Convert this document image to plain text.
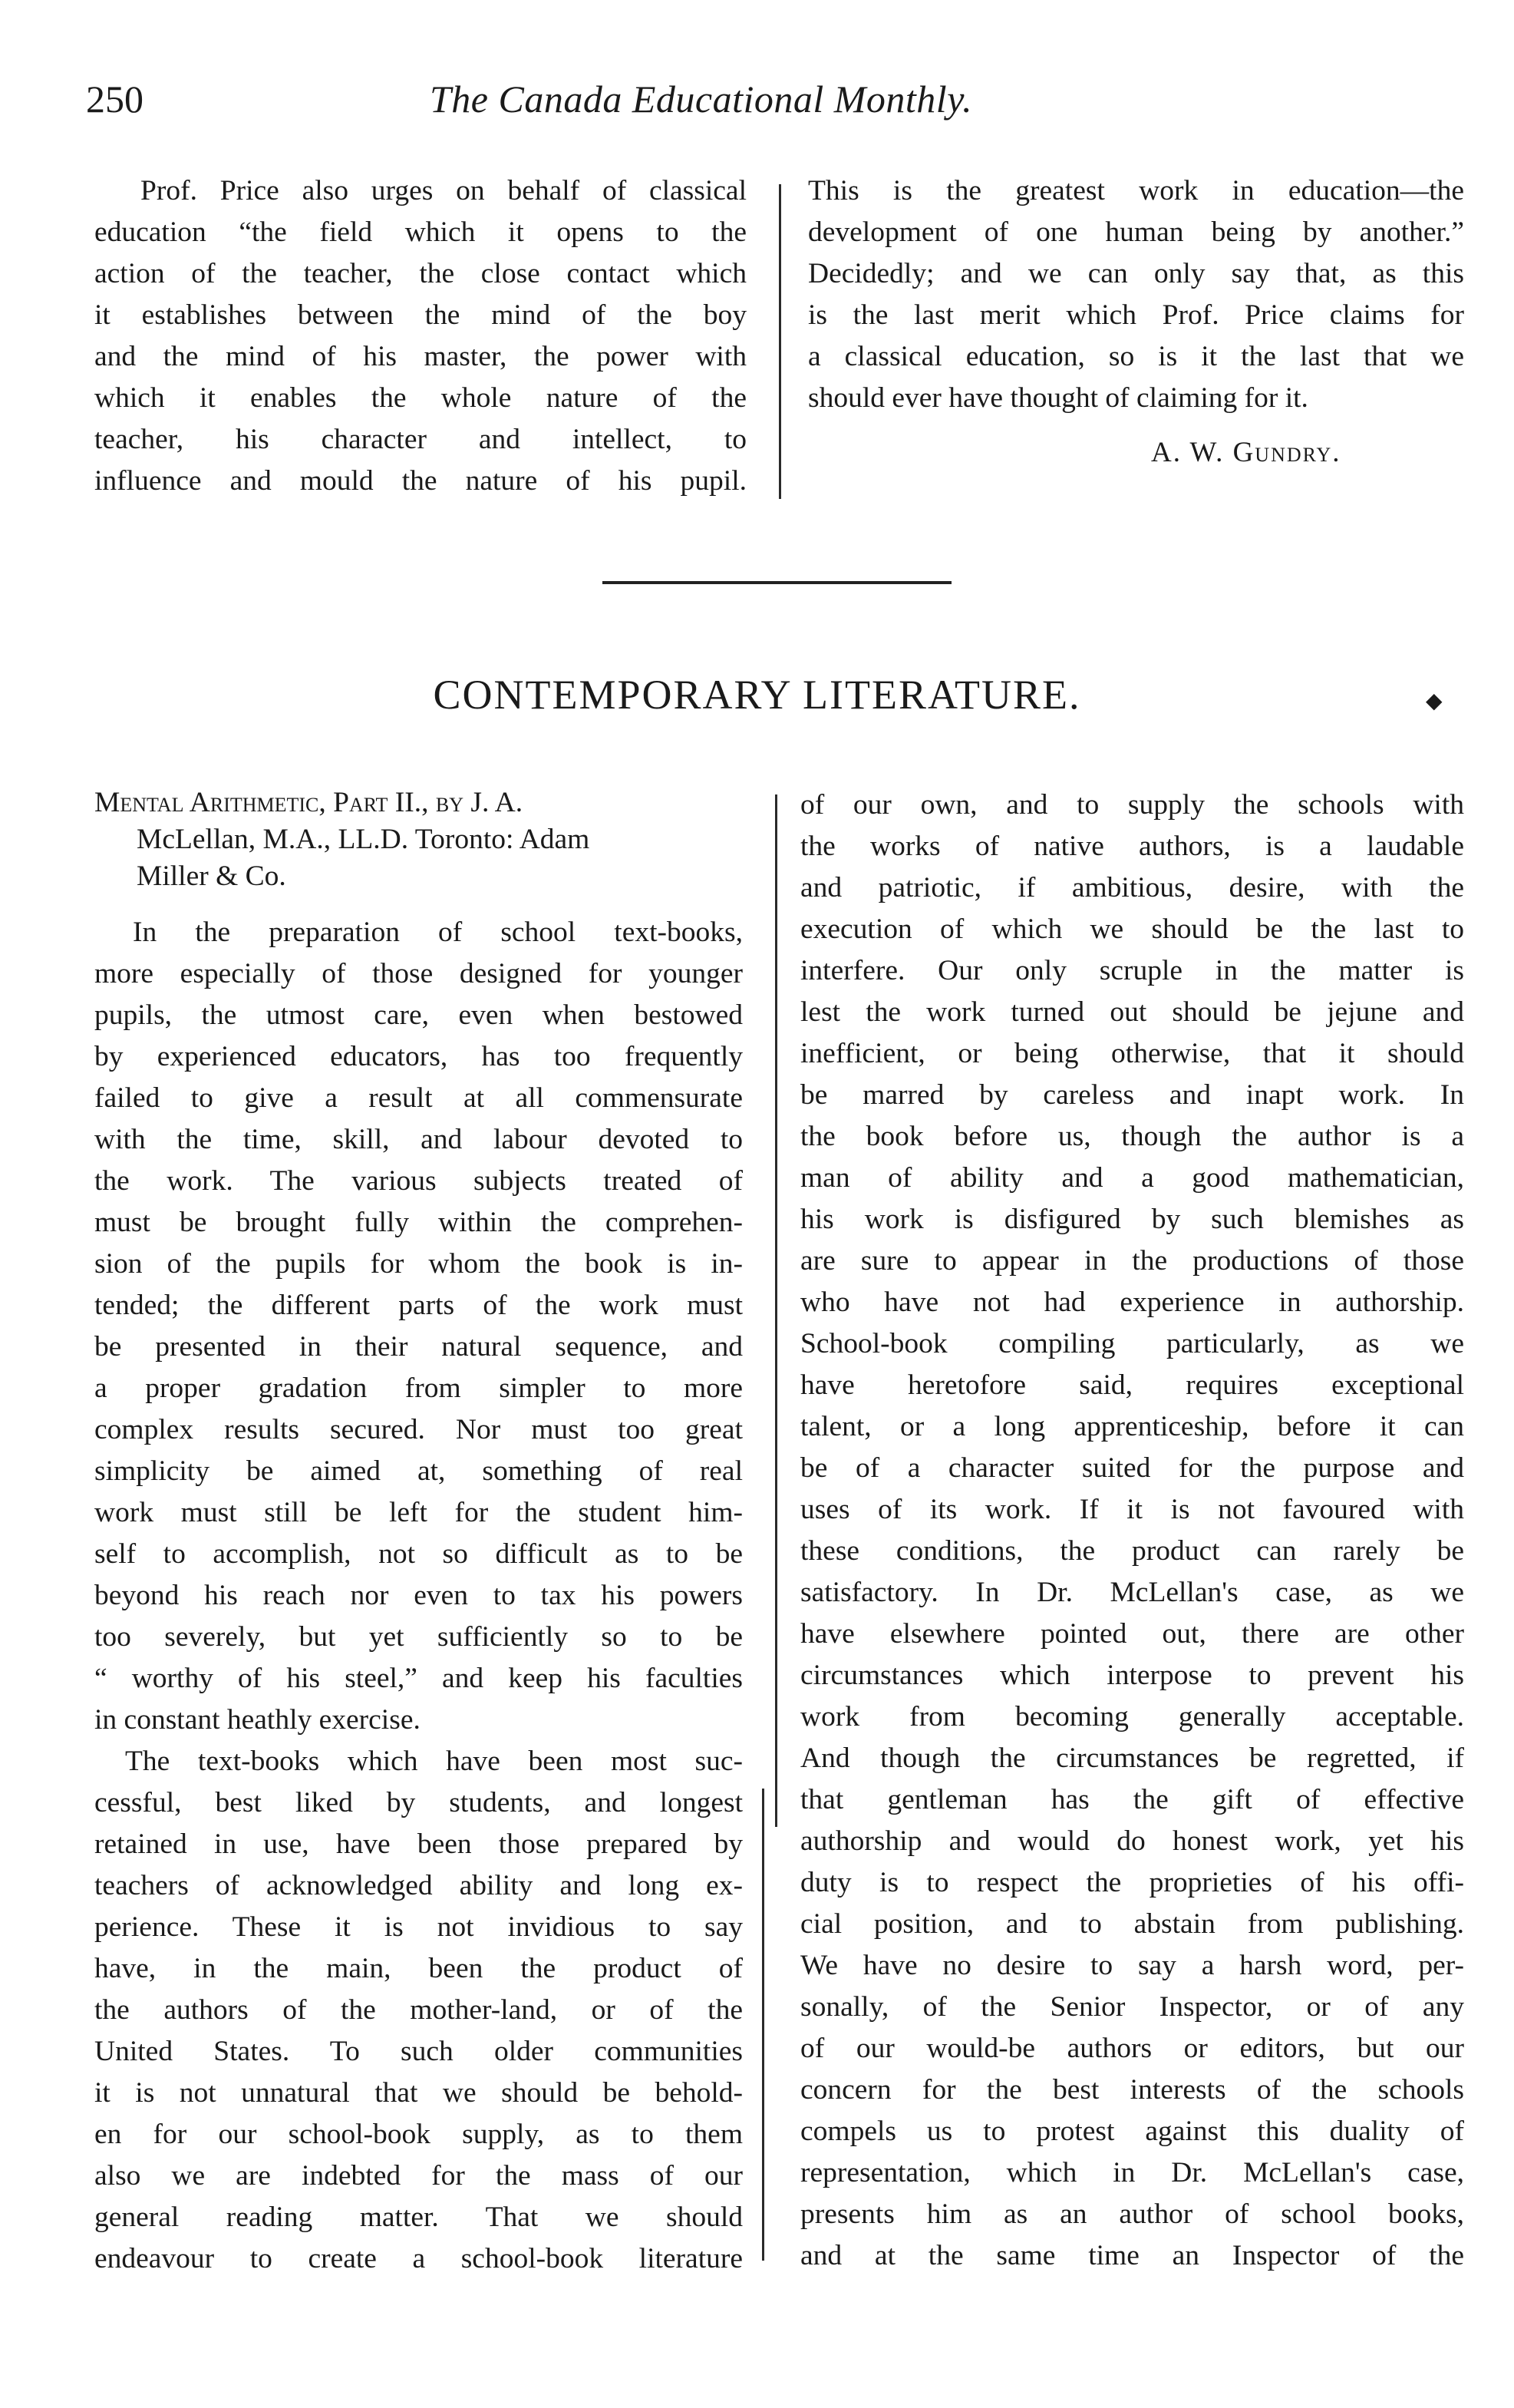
250	The Canada Educational Monthly.
Prof. Price also urges on behalf of classical
education “the field which it opens to the
action of the teacher, the close contact which
it establishes between the mind of the boy
and the mind of his master, the power with
which it enables the whole nature of the
teacher, his character and intellect, to
influence and mould the nature of his pupil.
This is the greatest work in education—the
development of one human being by another.”
Decidedly; and we can only say that, as this
is the last merit which Prof. Price claims for
a classical education, so is it the last that we
should ever have thought of claiming for it.
A. W. Gundry.
CONTEMPORARY LITERATURE.	◆
Mental Arithmetic, Part II., by J. A.
McLellan, M.A., LL.D. Toronto: Adam
Miller & Co.
In the preparation of school text-books,
more especially of those designed for younger
pupils, the utmost care, even when bestowed
by experienced educators, has too frequently
failed to give a result at all commensurate
with the time, skill, and labour devoted to
the work. The various subjects treated of
must be brought fully within the comprehen-
sion of the pupils for whom the book is in-
tended; the different parts of the work must
be presented in their natural sequence, and
a proper gradation from simpler to more
complex results secured. Nor must too great
simplicity be aimed at, something of real
work must still be left for the student him-
self to accomplish, not so difficult as to be
beyond his reach nor even to tax his powers
too severely, but yet sufficiently so to be
“ worthy of his steel,” and keep his faculties
in constant heathly exercise.
The text-books which have been most suc-
cessful, best liked by students, and longest
retained in use, have been those prepared by
teachers of acknowledged ability and long ex-
perience. These it is not invidious to say
have, in the main, been the product of
the authors of the mother-land, or of the
United States. To such older communities
it is not unnatural that we should be behold-
en for our school-book supply, as to them
also we are indebted for the mass of our
general reading matter. That we should
endeavour to create a school-book literature
of our own, and to supply the schools with
the works of native authors, is a laudable
and patriotic, if ambitious, desire, with the
execution of which we should be the last to
interfere. Our only scruple in the matter is
lest the work turned out should be jejune and
inefficient, or being otherwise, that it should
be marred by careless and inapt work. In
the book before us, though the author is a
man of ability and a good mathematician,
his work is disfigured by such blemishes as
are sure to appear in the productions of those
who have not had experience in authorship.
School-book compiling particularly, as we
have heretofore said, requires exceptional
talent, or a long apprenticeship, before it can
be of a character suited for the purpose and
uses of its work. If it is not favoured with
these conditions, the product can rarely be
satisfactory. In Dr. McLellan's case, as we
have elsewhere pointed out, there are other
circumstances which interpose to prevent his
work from becoming generally acceptable.
And though the circumstances be regretted, if
that gentleman has the gift of effective
authorship and would do honest work, yet his
duty is to respect the proprieties of his offi-
cial position, and to abstain from publishing.
We have no desire to say a harsh word, per-
sonally, of the Senior Inspector, or of any
of our would-be authors or editors, but our
concern for the best interests of the schools
compels us to protest against this duality of
representation, which in Dr. McLellan's case,
presents him as an author of school books,
and at the same time an Inspector of the
